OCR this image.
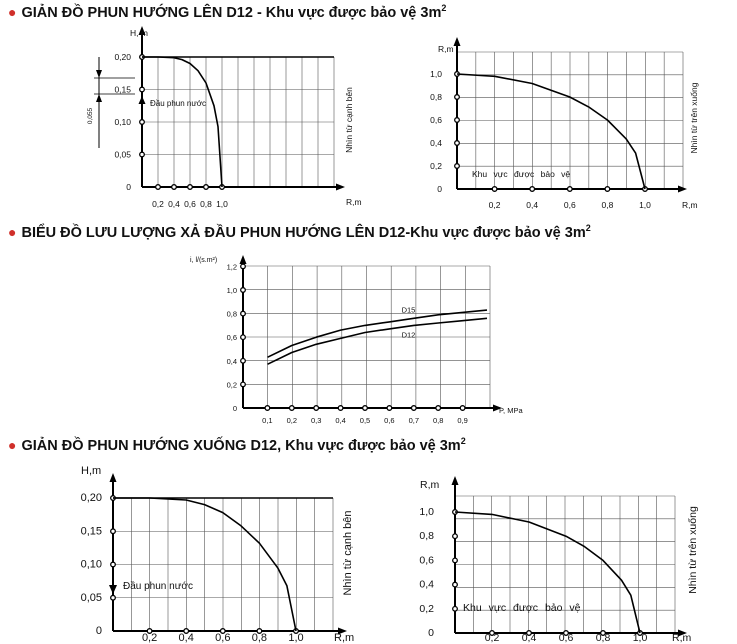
● GIẢN ĐỒ PHUN HƯỚNG LÊN D12 - Khu vực được bảo vệ $3m^2$
● BIỂU ĐỒ LƯU LƯỢNG XẢ ĐẦU PHUN HƯỚNG LÊN D12-Khu vực được bảo vệ $3m^2$
● GIẢN ĐỒ PHUN HƯỚNG XUỐNG D12, Khu vực được bảo vệ $3m^2$
0,2 0,4 0,6 0,8 1,0
0
0,05
0,10
0,15
0,20
H, m
R,m
Nhìn từ cạnh bên
Đầu phun nước
0,055
0,2	0,4	0,6	0,8	1,0
0
0,2
0,4
0,6
0,8
1,0
R,m
R,m
Nhìn từ trên xuống
Khu vực được bảo vệ
0,1 0,2 0,3 0,4 0,5 0,6 0,7 0,8 0,9
0
0,2
0,4
0,6
0,8
1,0
1,2
i, l/(s.m²)
P, MPa
D15
D12
0,2 0,4 0,6 0,8 1,0
0
0,05
0,10
0,15
0,20
H,m
R,m
Nhìn từ cạnh bên
Đầu phun nước
0,2 0,4 0,6 0,8 1,0
0
0,2
0,4
0,6
0,8
1,0
R,m
R,m
Nhìn từ trên xuống
Khu vực được bảo vệ
